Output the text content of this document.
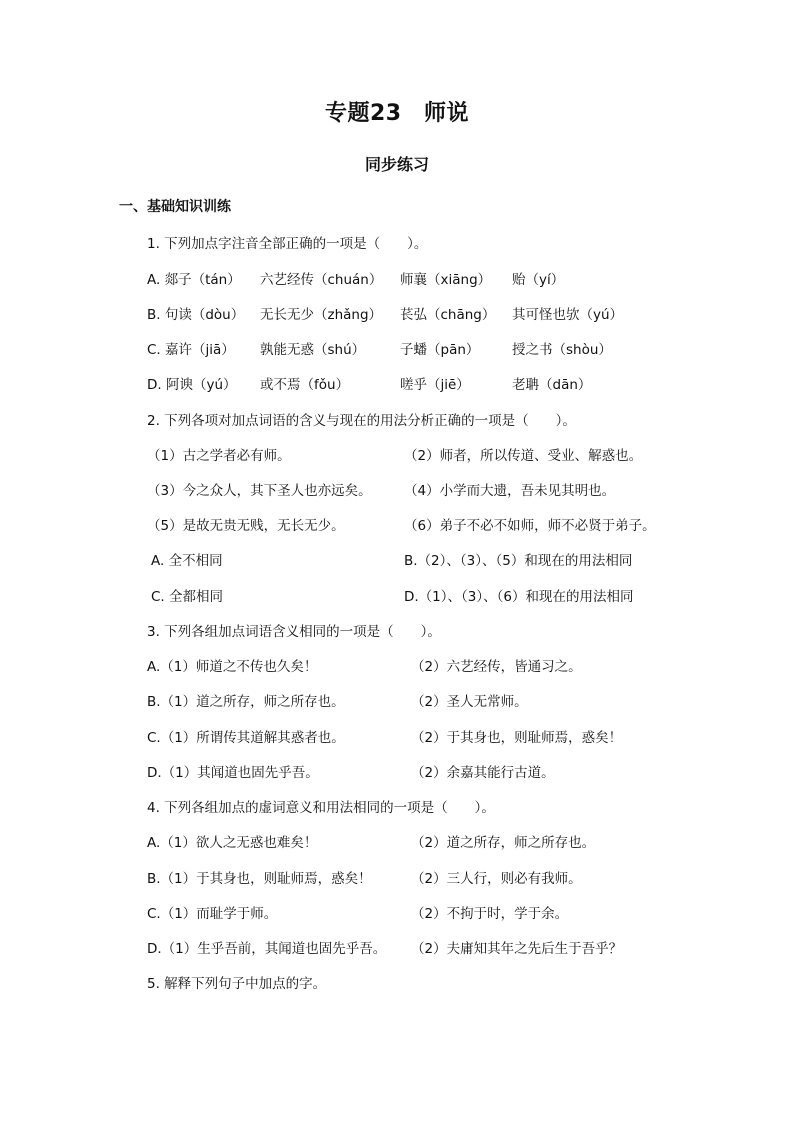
专题23　师说
同步练习
一、基础知识训练
1. 下列加点字注音全部正确的一项是（　　）。
A. 郯子（tán） 六艺经传（chuán） 师襄（xiāng） 贻（yí）
B. 句读（dòu） 无长无少（zhǎng） 苌弘（chāng） 其可怪也欤（yú）
C. 嘉许（jiā） 孰能无惑（shú）	子蟠（pān） 授之书（shòu）
D. 阿谀（yú） 或不焉（fǒu）	嗟乎（jiē）	老聃（dān）
2. 下列各项对加点词语的含义与现在的用法分析正确的一项是（　　）。
（1）古之学者必有师。	（2）师者，所以传道、受业、解惑也。
（3）今之众人，其下圣人也亦远矣。 （4）小学而大遗，吾未见其明也。
（5）是故无贵无贱，无长无少。	（6）弟子不必不如师，师不必贤于弟子。
A. 全不相同	B.（2）、（3）、（5）和现在的用法相同
C. 全都相同	D.（1）、（3）、（6）和现在的用法相同
3. 下列各组加点词语含义相同的一项是（　　）。
A.（1）师道之不传也久矣！	（2）六艺经传，皆通习之。
B.（1）道之所存，师之所存也。	（2）圣人无常师。
C.（1）所谓传其道解其惑者也。	（2）于其身也，则耻师焉，惑矣！
D.（1）其闻道也固先乎吾。	（2）余嘉其能行古道。
4. 下列各组加点的虚词意义和用法相同的一项是（　　）。
A.（1）欲人之无惑也难矣！	（2）道之所存，师之所存也。
B.（1）于其身也，则耻师焉，惑矣！	（2）三人行，则必有我师。
C.（1）而耻学于师。	（2）不拘于时，学于余。
D.（1）生乎吾前，其闻道也固先乎吾。 （2）夫庸知其年之先后生于吾乎？
5. 解释下列句子中加点的字。
